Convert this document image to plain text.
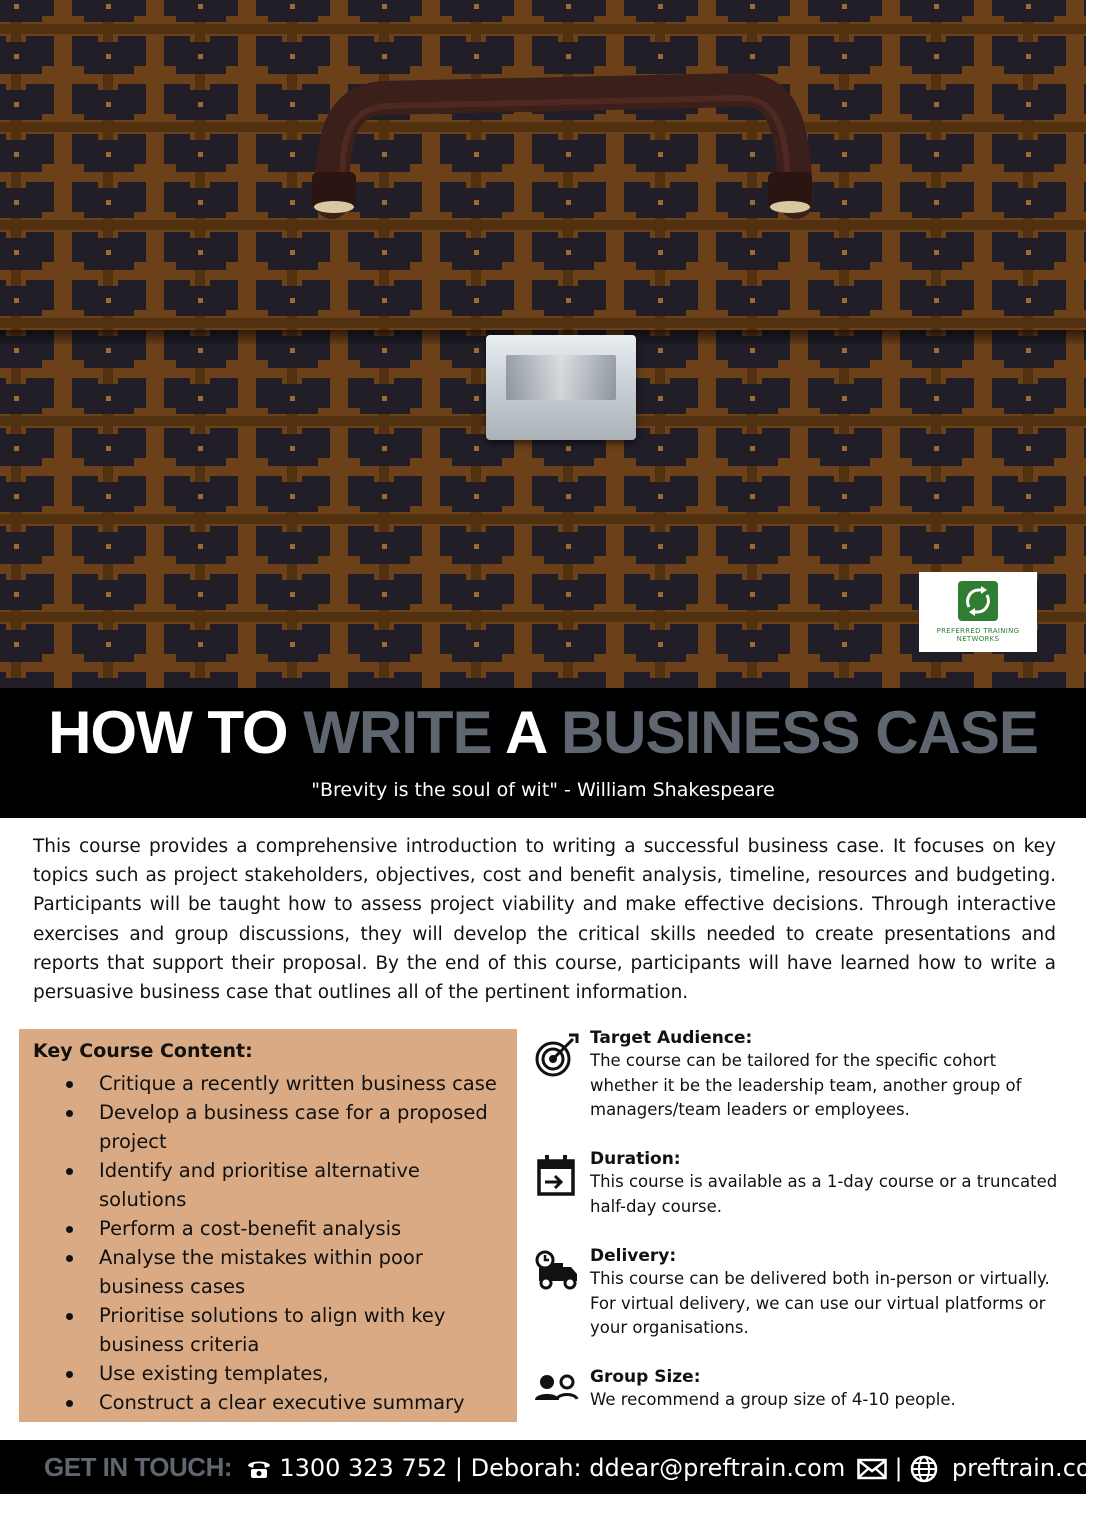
PREFERRED TRAINING
NETWORKS
HOW TO WRITE A BUSINESS CASE
"Brevity is the soul of wit" - William Shakespeare
This course provides a comprehensive introduction to writing a successful business case. It focuses on key topics such as project stakeholders, objectives, cost and benefit analysis, timeline, resources and budgeting. Participants will be taught how to assess project viability and make effective decisions. Through interactive exercises and group discussions, they will develop the critical skills needed to create presentations and reports that support their proposal. By the end of this course, participants will have learned how to write a persuasive business case that outlines all of the pertinent information.
Key Course Content:
Critique a recently written business case
Develop a business case for a proposed project
Identify and prioritise alternative solutions
Perform a cost-benefit analysis
Analyse the mistakes within poor business cases
Prioritise solutions to align with key business criteria
Use existing templates,
Construct a clear executive summary
Target Audience:
The course can be tailored for the specific cohort whether it be the leadership team, another group of managers/team leaders or employees.
Duration:
This course is available as a 1-day course or a truncated half-day course.
Delivery:
This course can be delivered both in-person or virtually. For virtual delivery, we can use our virtual platforms or your organisations.
Group Size:
We recommend a group size of 4-10 people.
GET IN TOUCH: 1300 323 752 | Deborah: ddear@preftrain.com  |  preftrain.com
